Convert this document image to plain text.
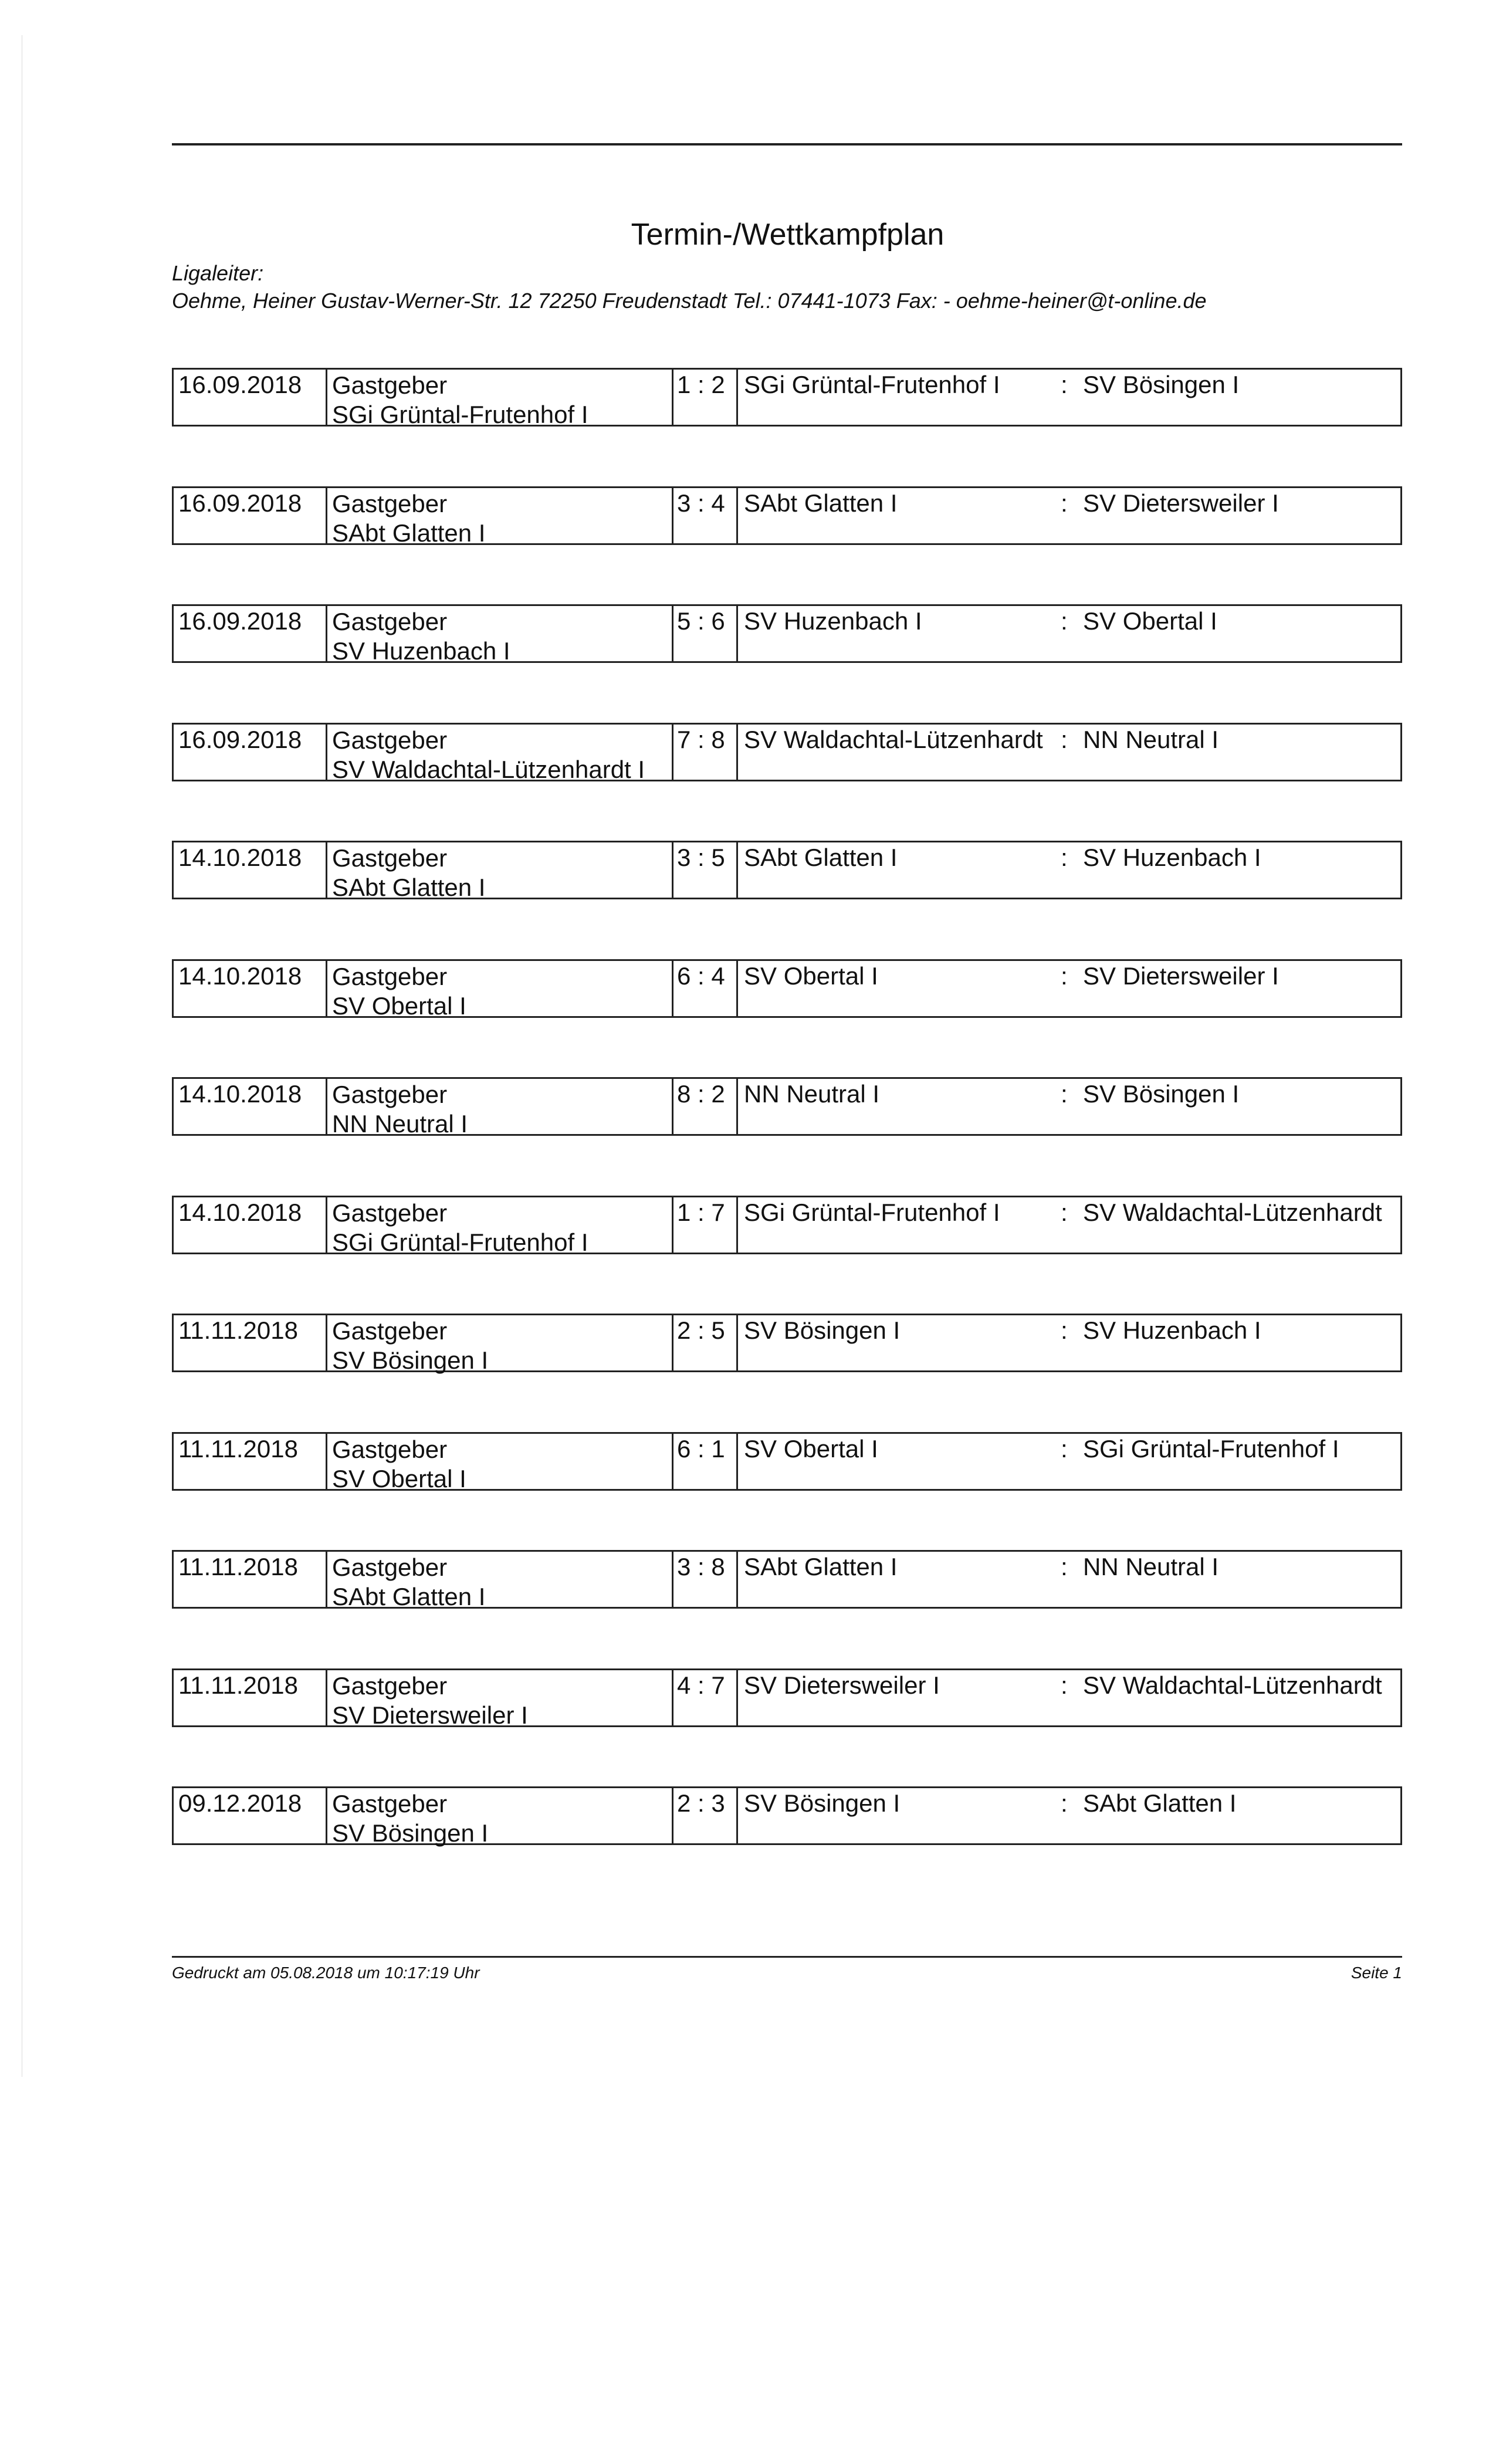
Termin-/Wettkampfplan
Ligaleiter:
Oehme, Heiner Gustav-Werner-Str. 12 72250 Freudenstadt Tel.: 07441-1073 Fax: - oehme-heiner@t-online.de
16.09.2018	Gastgeber
SGi Grüntal-Frutenhof I
1 : 2 SGi Grüntal-Frutenhof I	: SV Bösingen I
16.09.2018	Gastgeber
SAbt Glatten I
3 : 4 SAbt Glatten I	: SV Dietersweiler I
16.09.2018	Gastgeber
SV Huzenbach I
5 : 6 SV Huzenbach I	: SV Obertal I
16.09.2018	Gastgeber
SV Waldachtal-Lützenhardt I
7 : 8 SV Waldachtal-Lützenhardt : NN Neutral I
14.10.2018	Gastgeber
SAbt Glatten I
3 : 5 SAbt Glatten I	: SV Huzenbach I
14.10.2018	Gastgeber
SV Obertal I
6 : 4 SV Obertal I	: SV Dietersweiler I
14.10.2018	Gastgeber
NN Neutral I
8 : 2 NN Neutral I	: SV Bösingen I
14.10.2018	Gastgeber
SGi Grüntal-Frutenhof I
1 : 7 SGi Grüntal-Frutenhof I	: SV Waldachtal-Lützenhardt
11.11.2018	Gastgeber
SV Bösingen I
2 : 5 SV Bösingen I	: SV Huzenbach I
11.11.2018	Gastgeber
SV Obertal I
6 : 1 SV Obertal I	: SGi Grüntal-Frutenhof I
11.11.2018	Gastgeber
SAbt Glatten I
3 : 8 SAbt Glatten I	: NN Neutral I
11.11.2018	Gastgeber
SV Dietersweiler I
4 : 7 SV Dietersweiler I	: SV Waldachtal-Lützenhardt
09.12.2018	Gastgeber
SV Bösingen I
2 : 3 SV Bösingen I	: SAbt Glatten I
Gedruckt am 05.08.2018 um 10:17:19 Uhr	Seite 1
